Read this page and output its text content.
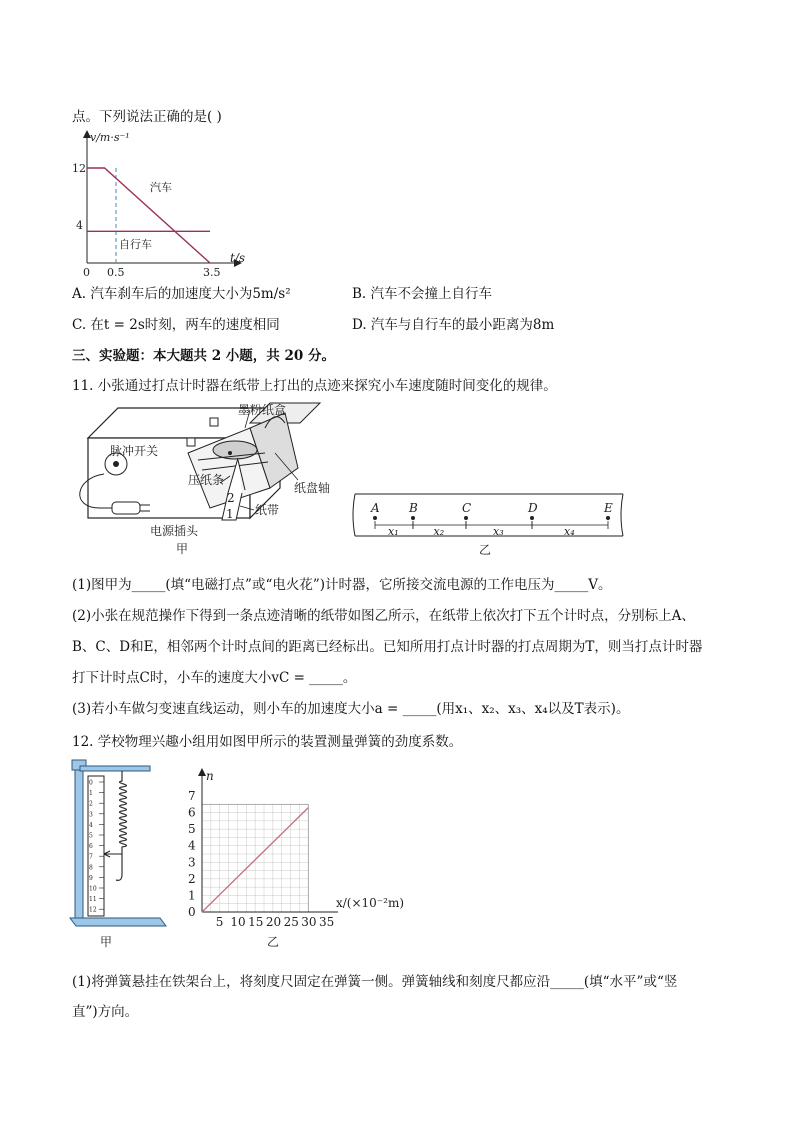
点。下列说法正确的是( )
v/m·s⁻¹
t/s
12
4
0 0.5	3.5
汽车
自行车
A. 汽车刹车后的加速度大小为5m/s²	B. 汽车不会撞上自行车
C. 在t = 2s时刻，两车的速度相同	D. 汽车与自行车的最小距离为8m
三、实验题：本大题共 2 小题，共 20 分。
11. 小张通过打点计时器在纸带上打出的点迹来探究小车速度随时间变化的规律。
脉冲开关
墨粉纸盒
压纸条
纸盘轴
纸带
2
1
电源插头
甲
A B	C	D	E
x₁	x₂	x₃	x₄
乙
(1)图甲为_____(填“电磁打点”或“电火花”)计时器，它所接交流电源的工作电压为_____V。
(2)小张在规范操作下得到一条点迹清晰的纸带如图乙所示，在纸带上依次打下五个计时点，分别标上A、
B、C、D和E，相邻两个计时点间的距离已经标出。已知所用打点计时器的打点周期为T，则当打点计时器
打下计时点C时，小车的速度大小vC = _____。
(3)若小车做匀变速直线运动，则小车的加速度大小a = _____(用x₁、x₂、x₃、x₄以及T表示)。
12. 学校物理兴趣小组用如图甲所示的装置测量弹簧的劲度系数。
0
1
2
3
4
5
6
7
8
9
10
11
12
甲
5 10 15 20 25 30 35
0
1
2
3
4
5
6
7
n
x/(×10⁻²m)
乙
(1)将弹簧悬挂在铁架台上，将刻度尺固定在弹簧一侧。弹簧轴线和刻度尺都应沿_____(填“水平”或“竖
直”)方向。
